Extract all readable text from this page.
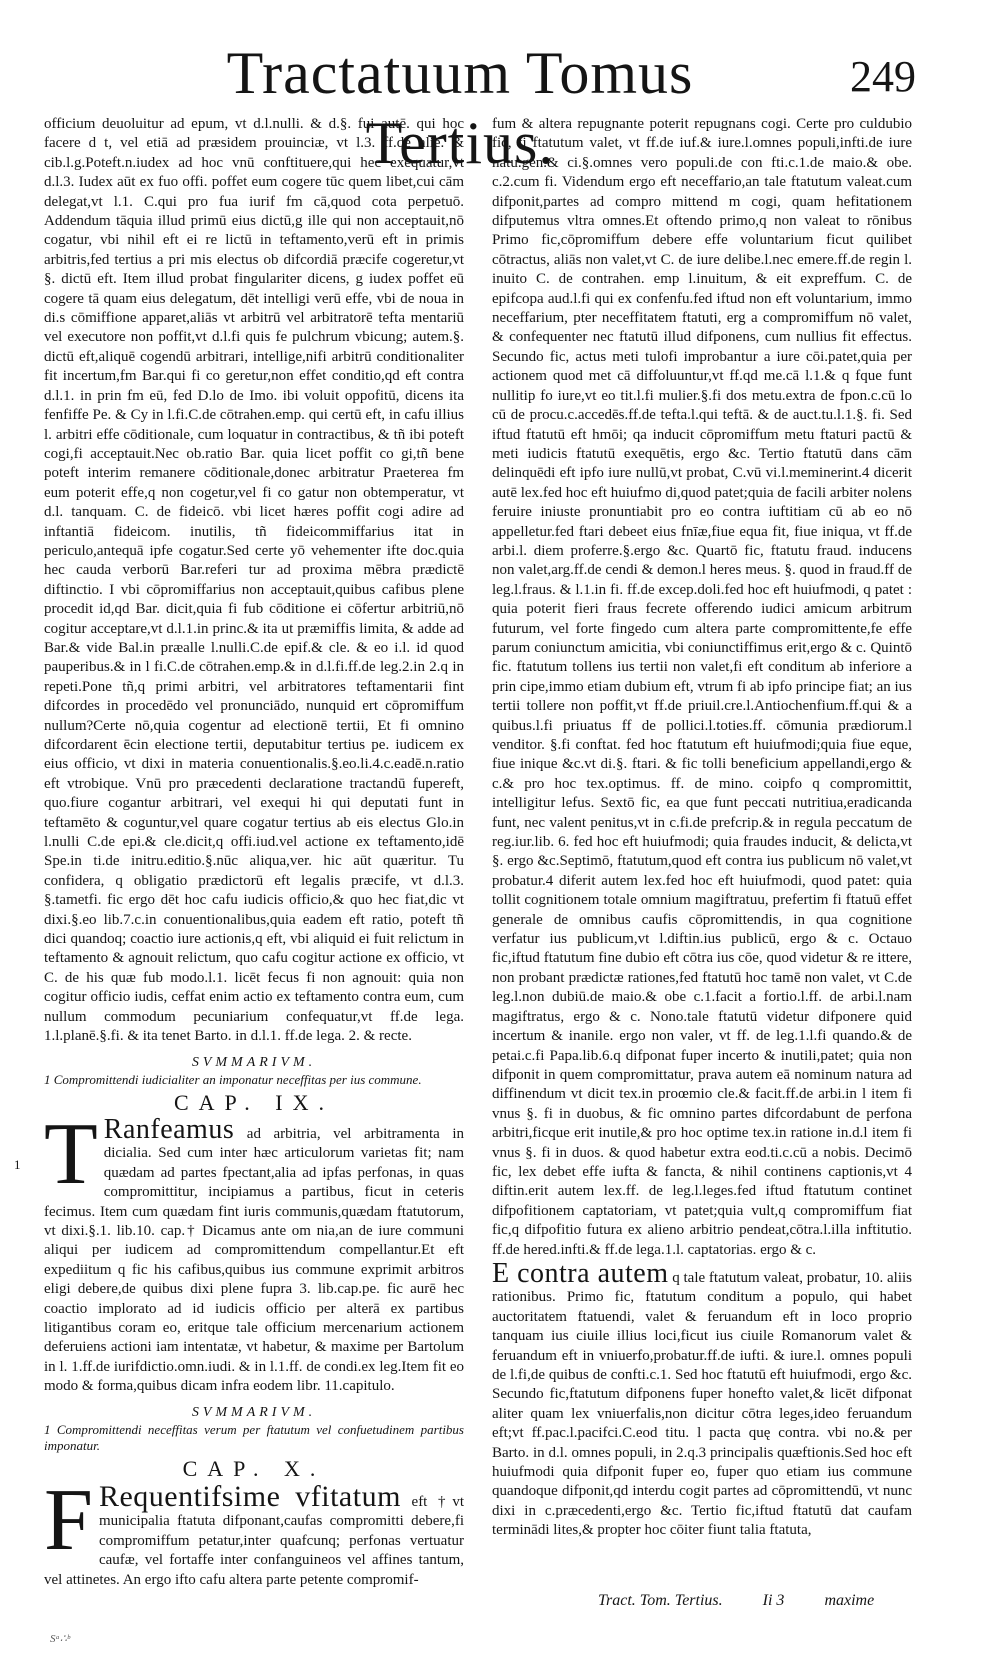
Tractatuum Tomus Tertius.
249

officium deuoluitur ad epum, vt d.l.nulli. & d.§. fui autē. qui hoc facere d t, vel etiā ad præsidem prouinciæ, vt l.3. ff.de aliē. & cib.l.g.Poteft.n.iudex ad hoc vnū conftituere,qui hec exequatur,vt d.l.3. Iudex aūt ex fuo offi. poffet eum cogere tūc quem libet,cui cām delegat,vt l.1. C.qui pro fua iurif fm cā,quod cota perpetuō. Addendum tāquia illud primū eius dictū,g ille qui non acceptauit,nō cogatur, vbi nihil eft ei re lictū in teftamento,verū eft in primis arbitris,fed tertius a pri mis electus ob difcordiā præcife cogeretur,vt §. dictū eft. Item illud probat fingulariter dicens, g iudex poffet eū cogere tā quam eius delegatum, dēt intelligi verū effe, vbi de noua in di.s cōmiffione apparet,aliās vt arbitrū vel arbitratorē tefta mentariū vel executore non poffit,vt d.l.fi quis fe pulchrum vbicung; autem.§. dictū eft,aliquē cogendū arbitrari, intellige,nifi arbitrū conditionaliter fit incertum,fm Bar.qui fi co geretur,non effet conditio,qd eft contra d.l.1. in prin fm eū, fed D.lo de Imo. ibi voluit oppofitū, dicens ita fenfiffe Pe. & Cy in l.fi.C.de cōtrahen.emp. qui certū eft, in cafu illius l. arbitri effe cōditionale, cum loquatur in contractibus, & tñ ibi poteft cogi,fi acceptauit.Nec ob.ratio Bar. quia licet poffit co gi,tñ bene poteft interim remanere cōditionale,donec arbitratur Praeterea fm eum poterit effe,q non cogetur,vel fi co gatur non obtemperatur, vt d.l. tanquam. C. de fideicō. vbi licet hæres poffit cogi adire ad inftantiā fideicom. inutilis, tñ fideicommiffarius itat in periculo,antequā ipfe cogatur.Sed certe yō vehementer ifte doc.quia hec cauda verborū Bar.referi tur ad proxima mēbra prædictē diftinctio. I vbi cōpromiffarius non acceptauit,quibus cafibus plene procedit id,qd Bar. dicit,quia fi fub cōditione ei cōfertur arbitriū,nō cogitur acceptare,vt d.l.1.in princ.& ita ut præmiffis limita, & adde ad Bar.& vide Bal.in præalle l.nulli.C.de epif.& cle. & eo i.l. id quod pauperibus.& in l fi.C.de cōtrahen.emp.& in d.l.fi.ff.de leg.2.in 2.q in repeti.Pone tñ,q primi arbitri, vel arbitratores teftamentarii fint difcordes in procedēdo vel pronunciādo, nunquid ert cōpromiffum nullum?Certe nō,quia cogentur ad electionē tertii, Et fi omnino difcordarent ēcin electione tertii, deputabitur tertius pe. iudicem ex eius officio, vt dixi in materia conuentionalis.§.eo.li.4.c.eadē.n.ratio eft vtrobique. Vnū pro præcedenti declaratione tractandū fupereft, quo.fiure cogantur arbitrari, vel exequi hi qui deputati funt in teftamēto & coguntur,vel quare cogatur tertius ab eis electus Glo.in l.nulli C.de epi.& cle.dicit,q offi.iud.vel actione ex teftamento,idē Spe.in ti.de initru.editio.§.nūc aliqua,ver. hic aūt quæritur. Tu confidera, q obligatio prædictorū eft legalis præcife, vt d.l.3. §.tametfi. fic ergo dēt hoc cafu iudicis officio,& quo hec fiat,dic vt dixi.§.eo lib.7.c.in conuentionalibus,quia eadem eft ratio, poteft tñ dici quandoq; coactio iure actionis,q eft, vbi aliquid ei fuit relictum in teftamento & agnouit relictum, quo cafu cogitur actione ex officio, vt C. de his quæ fub modo.l.1. licēt fecus fi non agnouit: quia non cogitur officio iudis, ceffat enim actio ex teftamento contra eum, cum nullum commodum pecuniarium confequatur,vt ff.de lega. 1.l.planē.§.fi. & ita tenet Barto. in d.l.1. ff.de lega. 2. & recte.

SVMMARIVM.

1 Compromittendi iudicialiter an imponatur neceffitas per ius commune.

CAP. IX.

T Ranfeamus ad arbitria, vel arbitramenta in dicialia. Sed cum inter hæc articulorum varietas fit; nam quædam ad partes fpectant,alia ad ipfas perfonas, in quas compromittitur, incipiamus a partibus, ficut in ceteris fecimus. Item cum quædam fint iuris communis,quædam ftatutorum, vt dixi.§.1. lib.10. cap.† Dicamus ante om nia,an de iure communi aliqui per iudicem ad compromittendum compellantur.Et eft expediitum q fic his cafibus,quibus ius commune exprimit arbitros eligi debere,de quibus dixi plene fupra 3. lib.cap.pe. fic aurē hec coactio implorato ad id iudicis officio per alterā ex partibus litigantibus coram eo, eritque tale officium mercenarium actionem deferuiens actioni iam intentatæ, vt habetur, & maxime per Bartolum in l. 1.ff.de iurifdictio.omn.iudi. & in l.1.ff. de condi.ex leg.Item fit eo modo & forma,quibus dicam infra eodem libr. 11.capitulo.

1

SVMMARIVM.

1 Compromittendi neceffitas verum per ftatutum vel confuetudinem partibus imponatur.

CAP. X.

F Requentifsime vfitatum eft †vt municipalia ftatuta difponant,caufas compromitti debere,fi compromiffum petatur,inter quafcunq; perfonas vertuatur caufæ, vel fortaffe inter confanguineos vel affines tantum, vel attinetes. An ergo ifto cafu altera parte petente compromif-

fum & altera repugnante poterit repugnans cogi. Certe pro culdubio fic, fi ftatutum valet, vt ff.de iuf.& iure.l.omnes populi,infti.de iure natu.gen.& ci.§.omnes vero populi.de con fti.c.1.de maio.& obe. c.2.cum fi. Videndum ergo eft neceffario,an tale ftatutum valeat.cum difponit,partes ad compro mittend m cogi, quam hefitationem difputemus vltra omnes.Et oftendo primo,q non valeat to rōnibus Primo fic,cōpromiffum debere effe voluntarium ficut quilibet cōtractus, aliās non valet,vt C. de iure delibe.l.nec emere.ff.de regin l. inuito C. de contrahen. emp l.inuitum, & eit expreffum. C. de epifcopa aud.l.fi qui ex confenfu.fed iftud non eft voluntarium, immo neceffarium, pter neceffitatem ftatuti, erg a compromiffum nō valet, & confequenter nec ftatutū illud difponens, cum nullius fit effectus. Secundo fic, actus meti tulofi improbantur a iure cōi.patet,quia per actionem quod met cā diffoluuntur,vt ff.qd me.cā l.1.& q fque funt nullitip fo iure,vt eo tit.l.fi mulier.§.fi dos metu.extra de fpon.c.cū lo cū de procu.c.accedēs.ff.de tefta.l.qui teftā. & de auct.tu.l.1.§. fi. Sed iftud ftatutū eft hmōi; qa inducit cōpromiffum metu ftaturi pactū & meti iudicis ftatutū exequētis, ergo &c. Tertio ftatutū dans cām delinquēdi eft ipfo iure nullū,vt probat, C.vū vi.l.meminerint.4 dicerit autē lex.fed hoc eft huiufmo di,quod patet;quia de facili arbiter nolens feruire iniuste pronuntiabit pro eo contra iuftitiam cū ab eo nō appelletur.fed ftari debeet eius fnīæ,fiue equa fit, fiue iniqua, vt ff.de arbi.l. diem proferre.§.ergo &c. Quartō fic, ftatutu fraud. inducens non valet,arg.ff.de cendi & demon.l heres meus. §. quod in fraud.ff de leg.l.fraus. & l.1.in fi. ff.de excep.doli.fed hoc eft huiufmodi, q patet : quia poterit fieri fraus fecrete offerendo iudici amicum arbitrum futurum, vel forte fingedo cum altera parte compromittente,fe effe parum coniunctum amicitia, vbi coniunctiffimus erit,ergo & c. Quintō fic. ftatutum tollens ius tertii non valet,fi eft conditum ab inferiore a prin cipe,immo etiam dubium eft, vtrum fi ab ipfo principe fiat; an ius tertii tollere non poffit,vt ff.de priuil.cre.l.Antiochenfium.ff.qui & a quibus.l.fi priuatus ff de pollici.l.toties.ff. cōmunia prædiorum.l venditor. §.fi conftat. fed hoc ftatutum eft huiufmodi;quia fiue eque, fiue inique &c.vt di.§. ftari. & fic tolli beneficium appellandi,ergo & c.& pro hoc tex.optimus. ff. de mino. coipfo q compromittit, intelligitur lefus. Sextō fic, ea que funt peccati nutritiua,eradicanda funt, nec valent penitus,vt in c.fi.de prefcrip.& in regula peccatum de reg.iur.lib. 6. fed hoc eft huiufmodi; quia fraudes inducit, & delicta,vt §. ergo &c.Septimō, ftatutum,quod eft contra ius publicum nō valet,vt probatur.4 diferit autem lex.fed hoc eft huiufmodi, quod patet: quia tollit cognitionem totale omnium magiftratuu, prefertim fi ftatuū effet generale de omnibus caufis cōpromittendis, in qua cognitione verfatur ius publicum,vt l.diftin.ius publicū, ergo & c. Octauo fic,iftud ftatutum fine dubio eft cōtra ius cōe, quod videtur & re ittere, non probant prædictæ rationes,fed ftatutū hoc tamē non valet, vt C.de leg.l.non dubiū.de maio.& obe c.1.facit a fortio.l.ff. de arbi.l.nam magiftratus, ergo & c. Nono.tale ftatutū videtur difponere quid incertum & inanile. ergo non valer, vt ff. de leg.1.l.fi quando.& de petai.c.fi Papa.lib.6.q difponat fuper incerto & inutili,patet; quia non difponit in quem compromittatur, prava autem eā nominum natura ad diffinendum vt dicit tex.in proœmio cle.& facit.ff.de arbi.in l item fi vnus §. fi in duobus, & fic omnino partes difcordabunt de perfona arbitri,ficque erit inutile,& pro hoc optime tex.in ratione in.d.l item fi vnus §. fi in duos. & quod habetur extra eod.ti.c.cū a nobis. Decimō fic, lex debet effe iufta & fancta, & nihil continens captionis,vt 4 diftin.erit autem lex.ff. de leg.l.leges.fed iftud ftatutum continet difpofitionem captatoriam, vt patet;quia vult,q compromiffum fiat fic,q difpofitio futura ex alieno arbitrio pendeat,cōtra.l.illa inftitutio. ff.de hered.infti.& ff.de lega.1.l. captatorias. ergo & c.

E contra autem q tale ftatutum valeat, probatur, 10. aliis rationibus. Primo fic, ftatutum conditum a populo, qui habet auctoritatem ftatuendi, valet & feruandum eft in loco proprio tanquam ius ciuile illius loci,ficut ius ciuile Romanorum valet & feruandum eft in vniuerfo,probatur.ff.de iufti. & iure.l. omnes populi de l.fi,de quibus de confti.c.1. Sed hoc ftatutū eft huiufmodi, ergo &c. Secundo fic,ftatutum difponens fuper honefto valet,& licēt difponat aliter quam lex vniuerfalis,non dicitur cōtra leges,ideo feruandum eft;vt ff.pac.l.pacifci.C.eod titu. l pacta quę contra. vbi no.& per Barto. in d.l. omnes populi, in 2.q.3 principalis quæftionis.Sed hoc eft huiufmodi quia difponit fuper eo, fuper quo etiam ius commune quandoque difponit,qd interdu cogit partes ad cōpromittendū, vt nunc dixi in c.præcedenti,ergo &c. Tertio fic,iftud ftatutū dat caufam terminādi lites,& propter hoc cōiter fiunt talia ftatuta,

Tract. Tom. Tertius.	Ii 3	maxime
Sᵃ∴ᵇ
